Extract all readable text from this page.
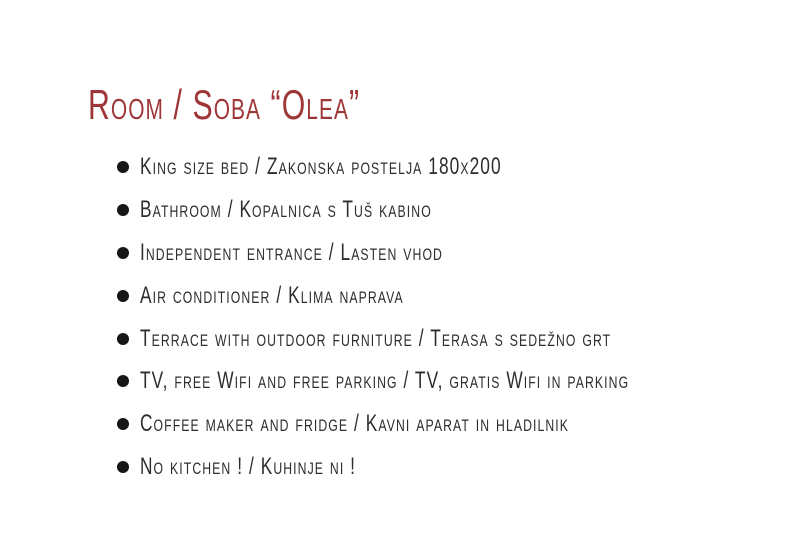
Room / Soba “Olea”
King size bed / Zakonska postelja 180x200
Bathroom / Kopalnica s Tuš kabino
Independent entrance / Lasten vhod
Air conditioner / Klima naprava
Terrace with outdoor furniture / Terasa s sedežno grt
TV, free Wifi and free parking / TV, gratis Wifi in parking
Coffee maker and fridge / Kavni aparat in hladilnik
No kitchen ! / Kuhinje ni !
